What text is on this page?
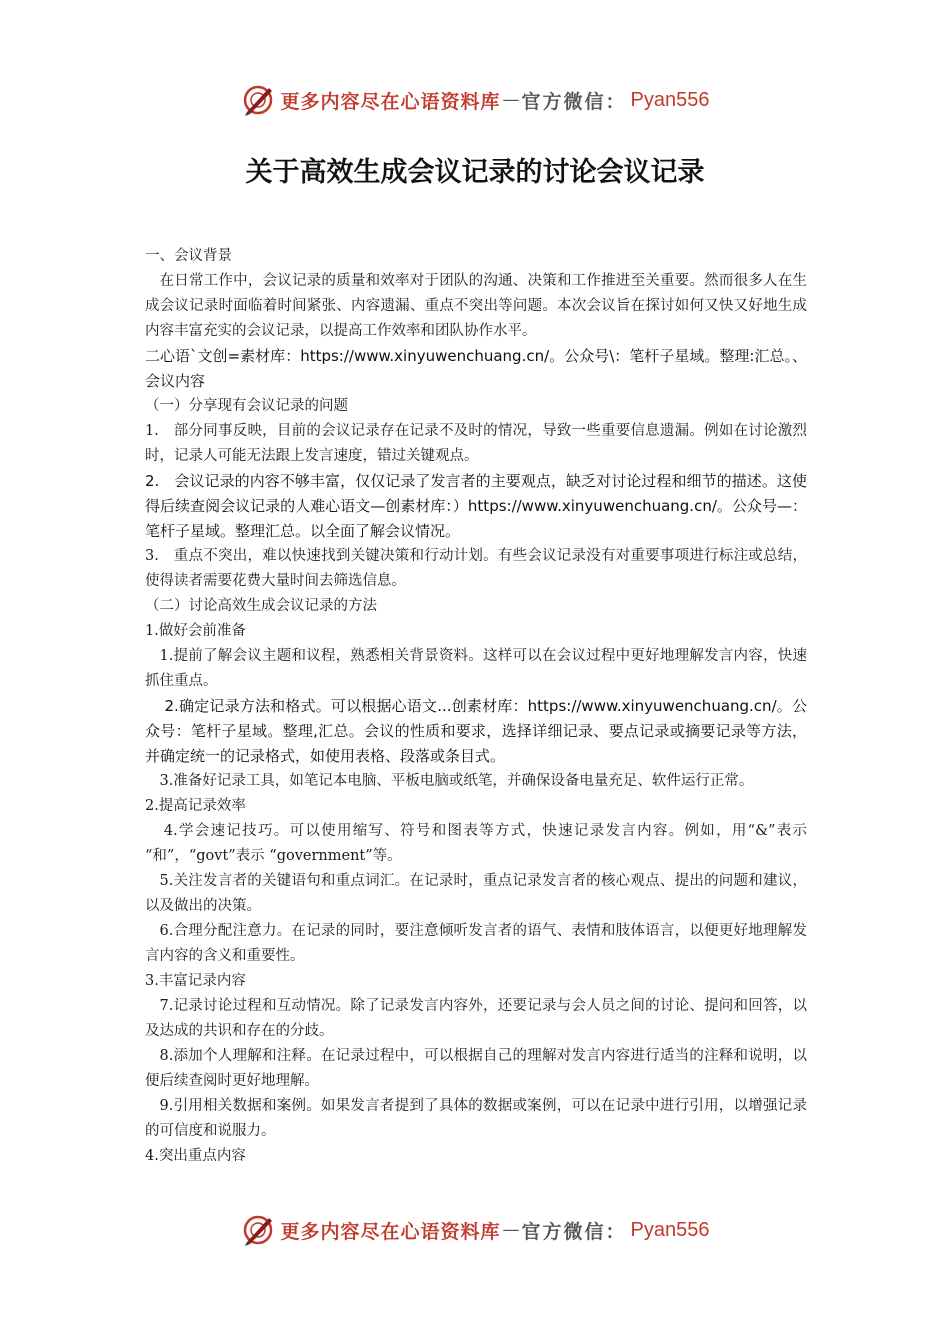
更多内容尽在心语资料库 — 官方微信： Pyan556
关于高效生成会议记录的讨论会议记录

一、会议背景

在日常工作中，会议记录的质量和效率对于团队的沟通、决策和工作推进至关重要。然而很多人在生成会议记录时面临着时间紧张、内容遗漏、重点不突出等问题。本次会议旨在探讨如何又快又好地生成内容丰富充实的会议记录，以提高工作效率和团队协作水平。

二心语`文创=素材库：https://www.xinyuwenchuang.cn/。公众号\：笔杆子星域。整理:汇总。、会议内容

（一）分享现有会议记录的问题

1.　部分同事反映，目前的会议记录存在记录不及时的情况，导致一些重要信息遗漏。例如在讨论激烈时，记录人可能无法跟上发言速度，错过关键观点。

2.　会议记录的内容不够丰富，仅仅记录了发言者的主要观点，缺乏对讨论过程和细节的描述。这使得后续查阅会议记录的人难心语文—创素材库：）https://www.xinyuwenchuang.cn/。公众号—：笔杆子星域。整理汇总。以全面了解会议情况。

3.　重点不突出，难以快速找到关键决策和行动计划。有些会议记录没有对重要事项进行标注或总结，使得读者需要花费大量时间去筛选信息。

（二）讨论高效生成会议记录的方法

1.做好会前准备

1.提前了解会议主题和议程，熟悉相关背景资料。这样可以在会议过程中更好地理解发言内容，快速抓住重点。

2.确定记录方法和格式。可以根据心语文...创素材库：https://www.xinyuwenchuang.cn/。公众号：笔杆子星域。整理,汇总。会议的性质和要求，选择详细记录、要点记录或摘要记录等方法，并确定统一的记录格式，如使用表格、段落或条目式。

3.准备好记录工具，如笔记本电脑、平板电脑或纸笔，并确保设备电量充足、软件运行正常。

2.提高记录效率

4.学会速记技巧。可以使用缩写、符号和图表等方式，快速记录发言内容。例如，用“&”表示 “和”，“govt”表示 “government”等。

5.关注发言者的关键语句和重点词汇。在记录时，重点记录发言者的核心观点、提出的问题和建议，以及做出的决策。

6.合理分配注意力。在记录的同时，要注意倾听发言者的语气、表情和肢体语言，以便更好地理解发言内容的含义和重要性。

3.丰富记录内容

7.记录讨论过程和互动情况。除了记录发言内容外，还要记录与会人员之间的讨论、提问和回答，以及达成的共识和存在的分歧。

8.添加个人理解和注释。在记录过程中，可以根据自己的理解对发言内容进行适当的注释和说明，以便后续查阅时更好地理解。

9.引用相关数据和案例。如果发言者提到了具体的数据或案例，可以在记录中进行引用，以增强记录的可信度和说服力。

4.突出重点内容

更多内容尽在心语资料库 — 官方微信： Pyan556
